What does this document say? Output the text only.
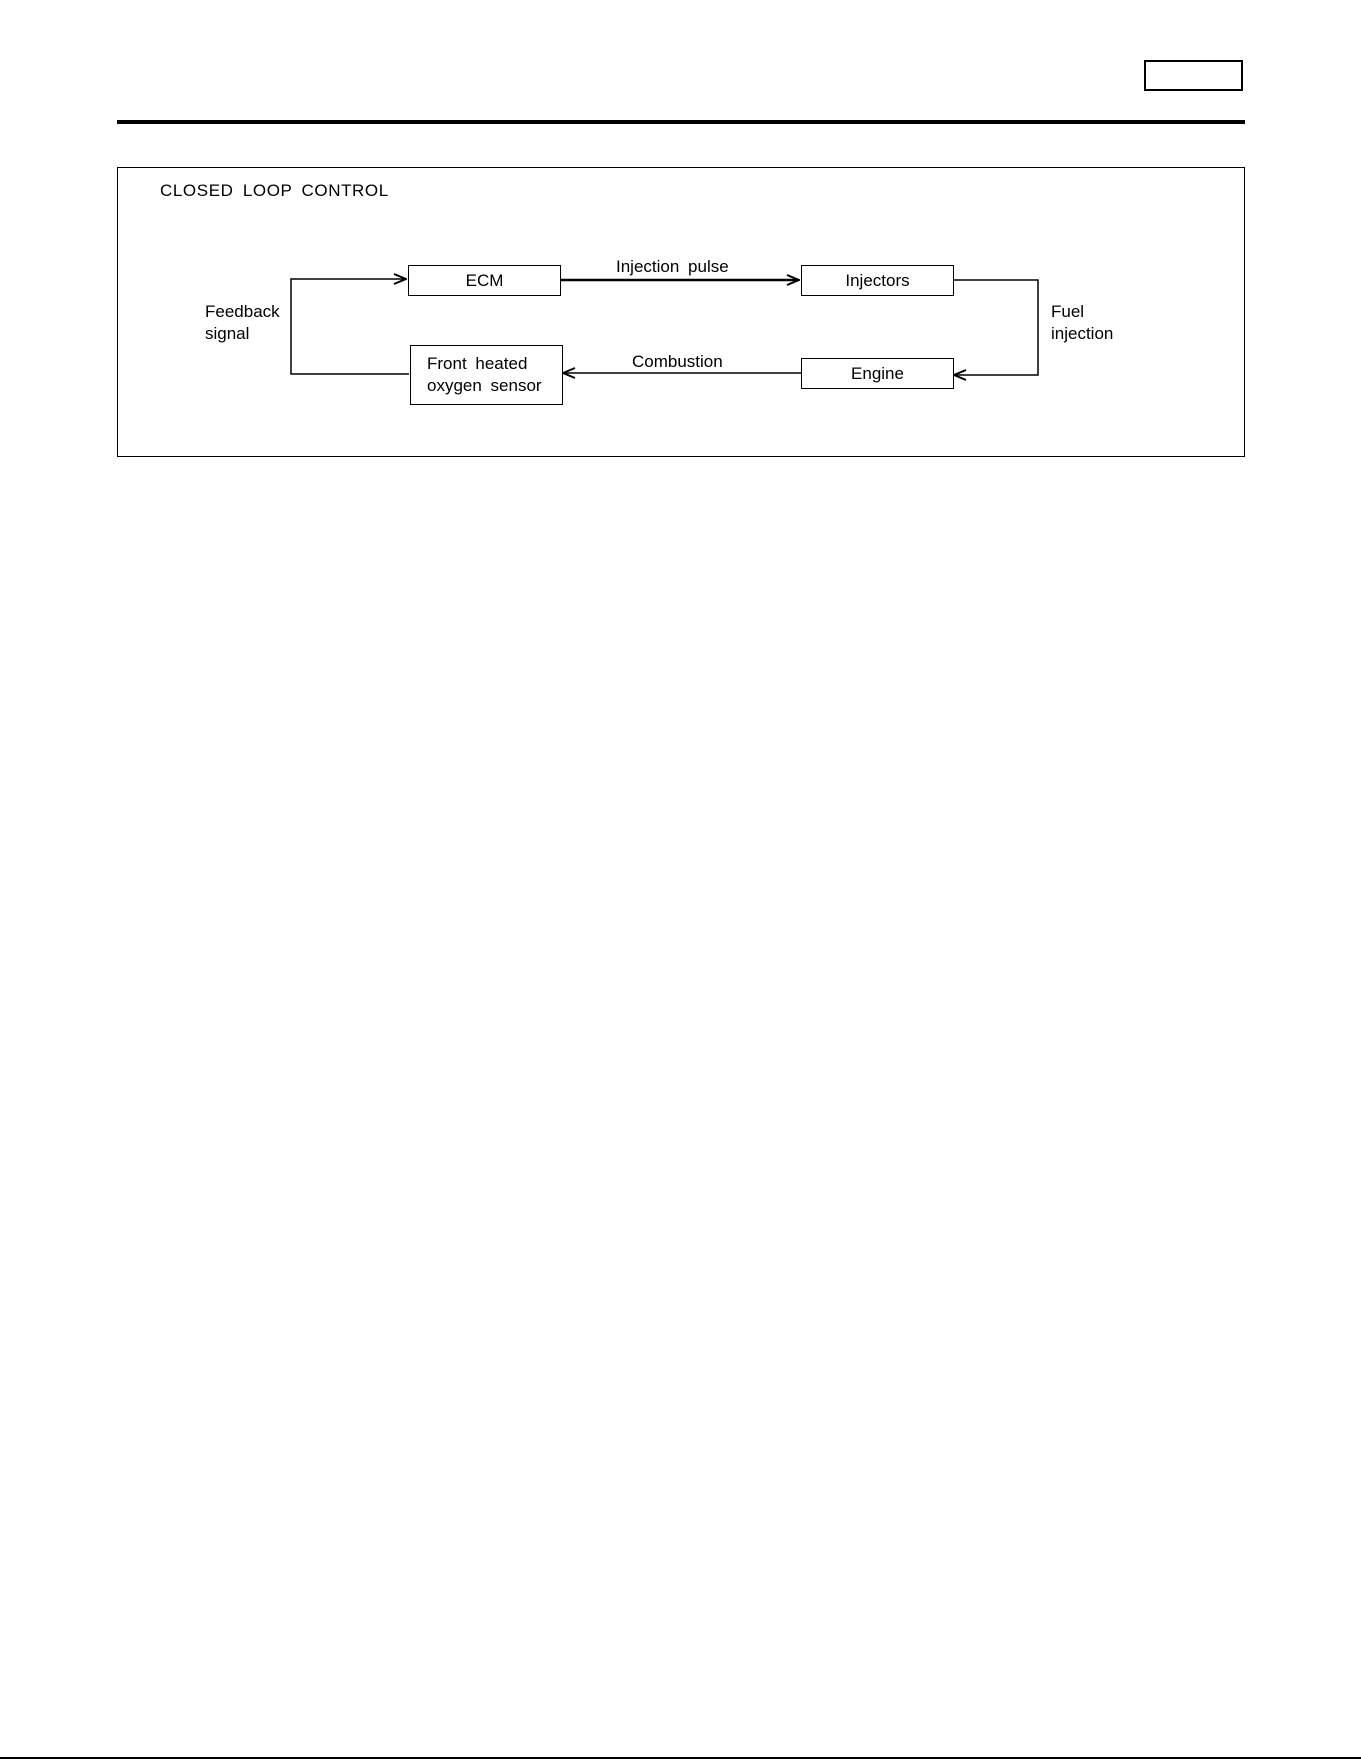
CLOSED LOOP CONTROL
ECM	Injectors
Engine
Front heated
oxygen sensor
Injection pulse
Combustion
Feedback
signal
Fuel
injection
